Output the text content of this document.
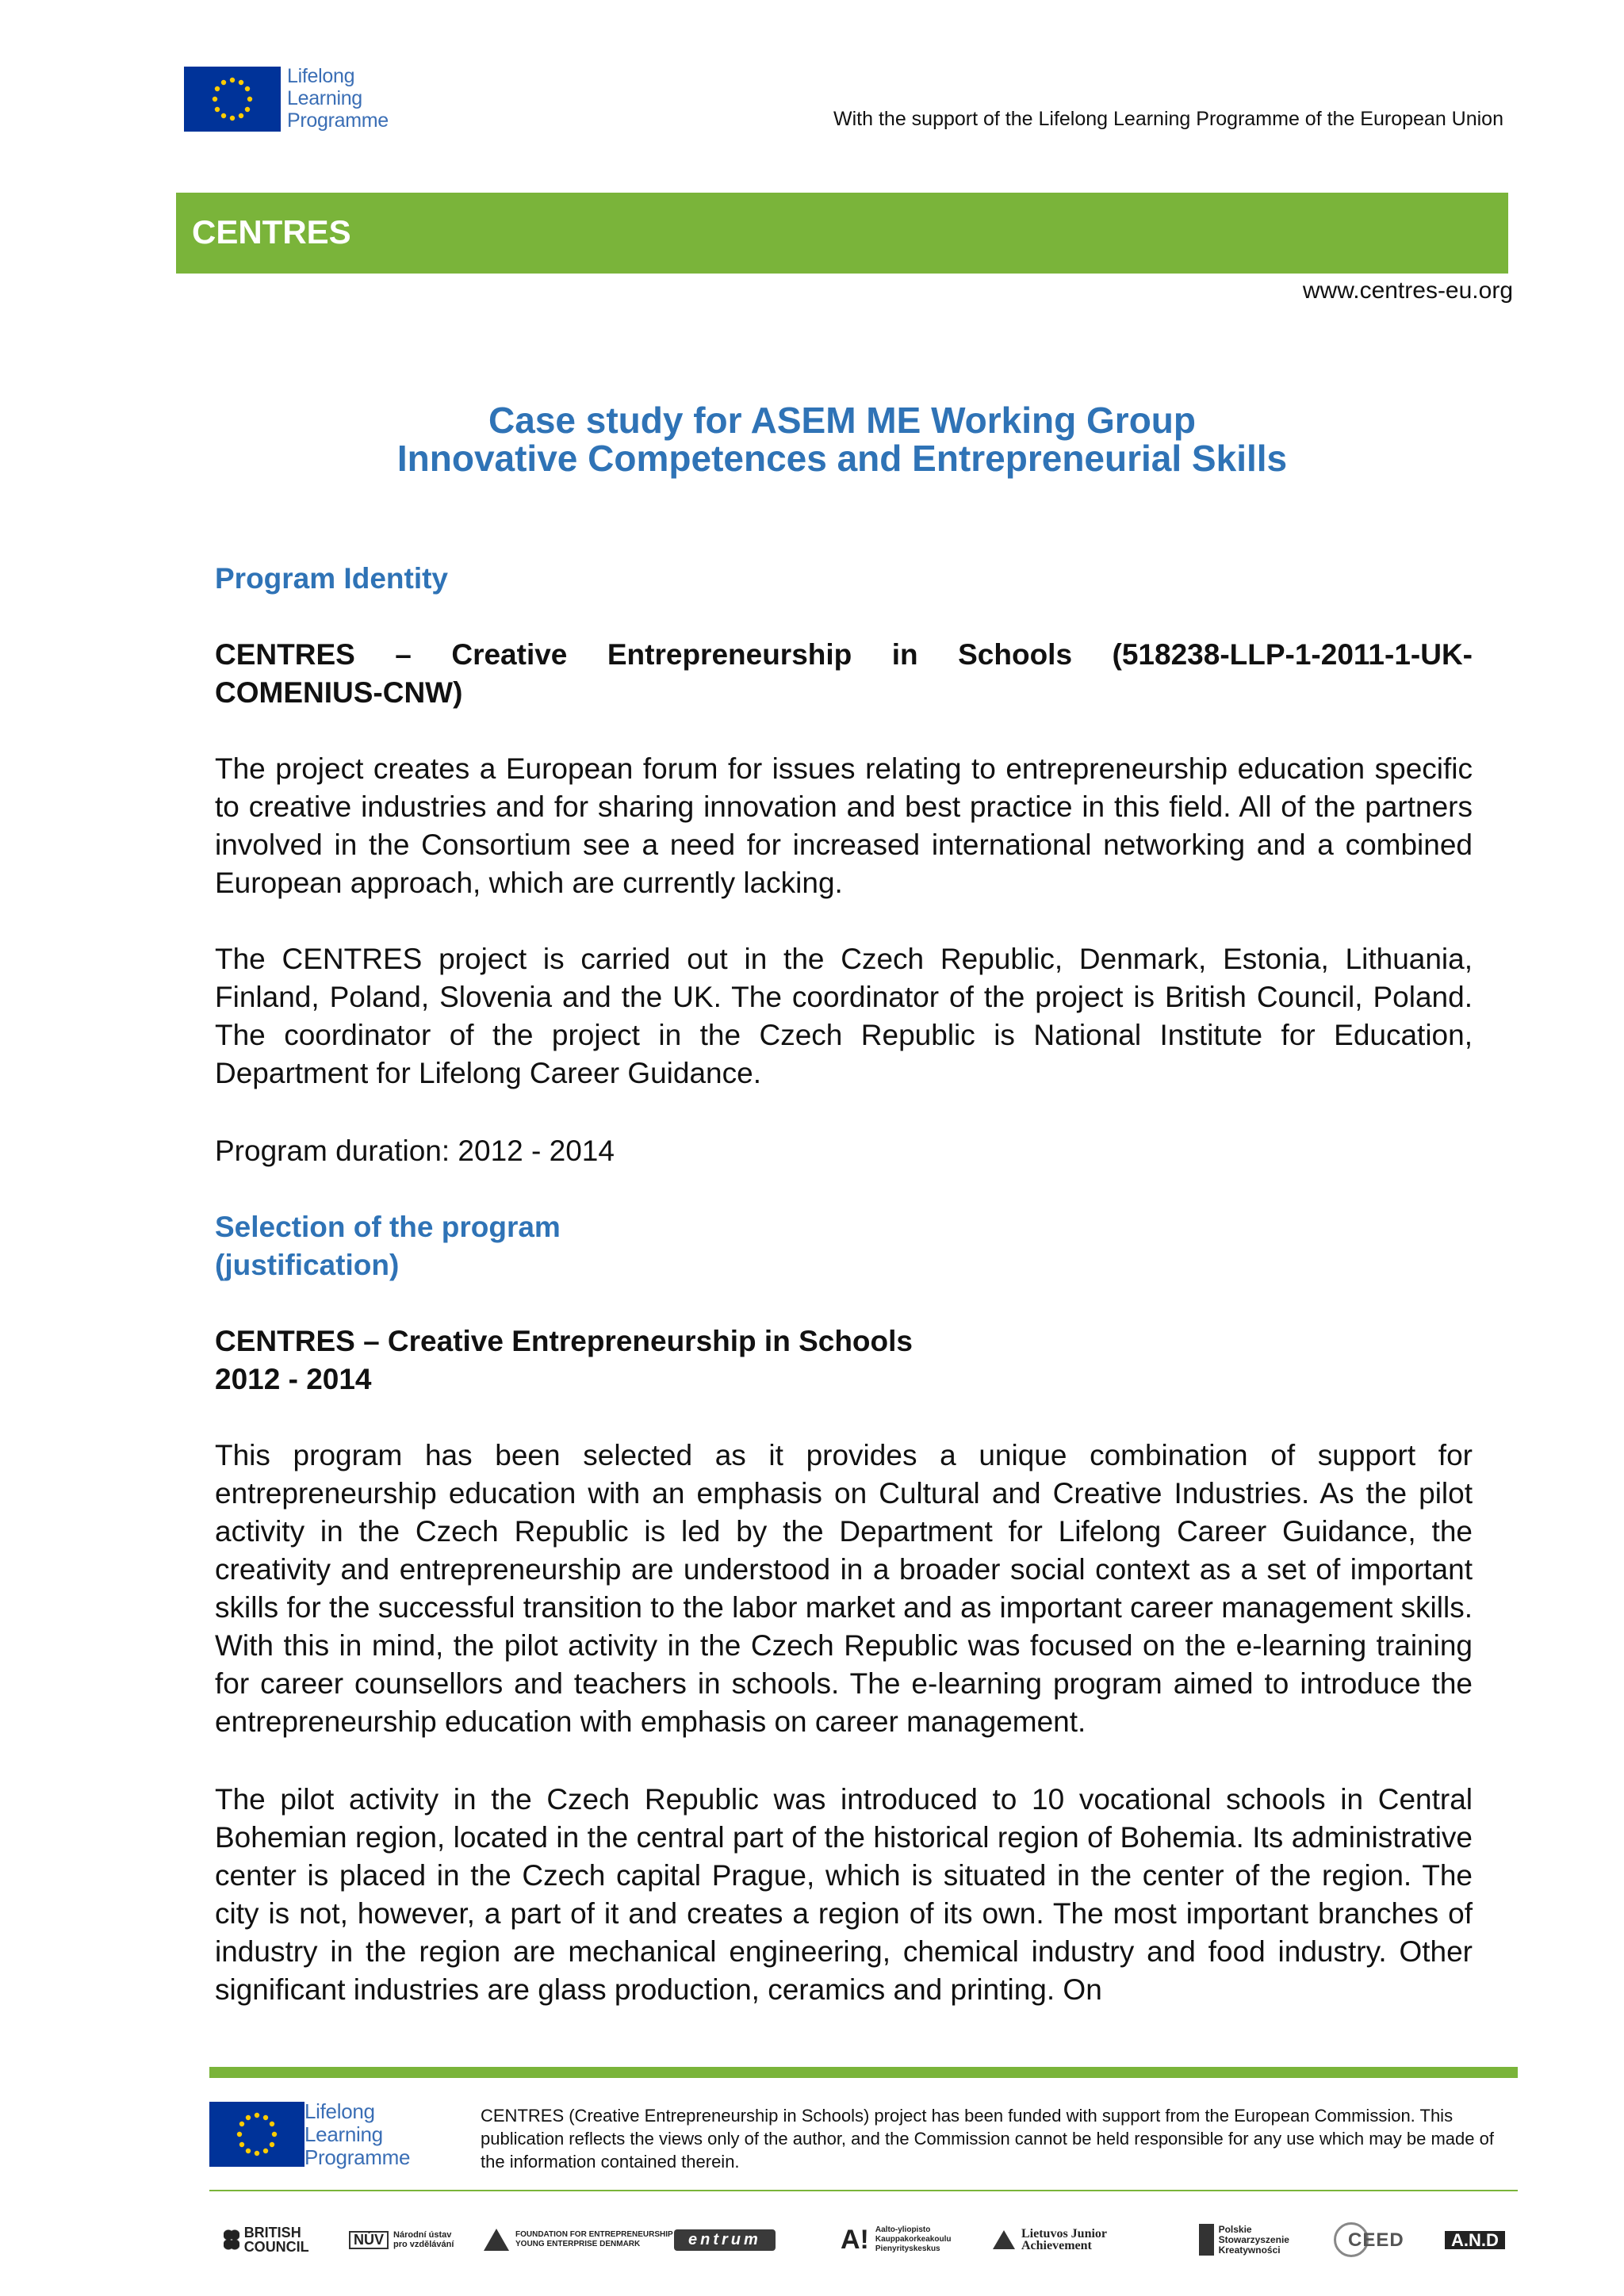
Lifelong
Learning
Programme	With the support of the Lifelong Learning Programme of the European Union
CENTRES
www.centres-eu.org
Case study for ASEM ME Working Group
Innovative Competences and Entrepreneurial Skills
Program Identity
CENTRES – Creative Entrepreneurship in Schools (518238-LLP-1-2011-1-UK-
COMENIUS-CNW)

The project creates a European forum for issues relating to entrepreneurship education specific to creative industries and for sharing innovation and best practice in this field. All of the partners involved in the Consortium see a need for increased international networking and a combined European approach, which are currently lacking.

The CENTRES project is carried out in the Czech Republic, Denmark, Estonia, Lithuania, Finland, Poland, Slovenia and the UK. The coordinator of the project is British Council, Poland. The coordinator of the project in the Czech Republic is National Institute for Education, Department for Lifelong Career Guidance.

Program duration: 2012 - 2014
Selection of the program
(justification)
CENTRES – Creative Entrepreneurship in Schools
2012 - 2014

This program has been selected as it provides a unique combination of support for entrepreneurship education with an emphasis on Cultural and Creative Industries. As the pilot activity in the Czech Republic is led by the Department for Lifelong Career Guidance, the creativity and entrepreneurship are understood in a broader social context as a set of important skills for the successful transition to the labor market and as important career management skills. With this in mind, the pilot activity in the Czech Republic was focused on the e-learning training for career counsellors and teachers in schools. The e-learning program aimed to introduce the entrepreneurship education with emphasis on career management.

The pilot activity in the Czech Republic was introduced to 10 vocational schools in Central Bohemian region, located in the central part of the historical region of Bohemia. Its administrative center is placed in the Czech capital Prague, which is situated in the center of the region. The city is not, however, a part of it and creates a region of its own. The most important branches of industry in the region are mechanical engineering, chemical industry and food industry. Other significant industries are glass production, ceramics and printing. On

Lifelong
Learning
Programme
CENTRES (Creative Entrepreneurship in Schools) project has been funded with support from the European Commission. This publication reflects the views only of the author, and the Commission cannot be held responsible for any use which may be made of the information contained therein.
BRITISH COUNCIL	NÚV	Národní ústav pro vzdělávání
FOUNDATION FOR ENTREPRENEURSHIP YOUNG ENTERPRISE DENMARK	entrum	A! Aalto-yliopisto Kauppakorkeakoulu Pienyrityskeskus
Lietuvos Junior Achievement
Polskie Stowarzyszenie Kreatywności	CEED	A.N.D
